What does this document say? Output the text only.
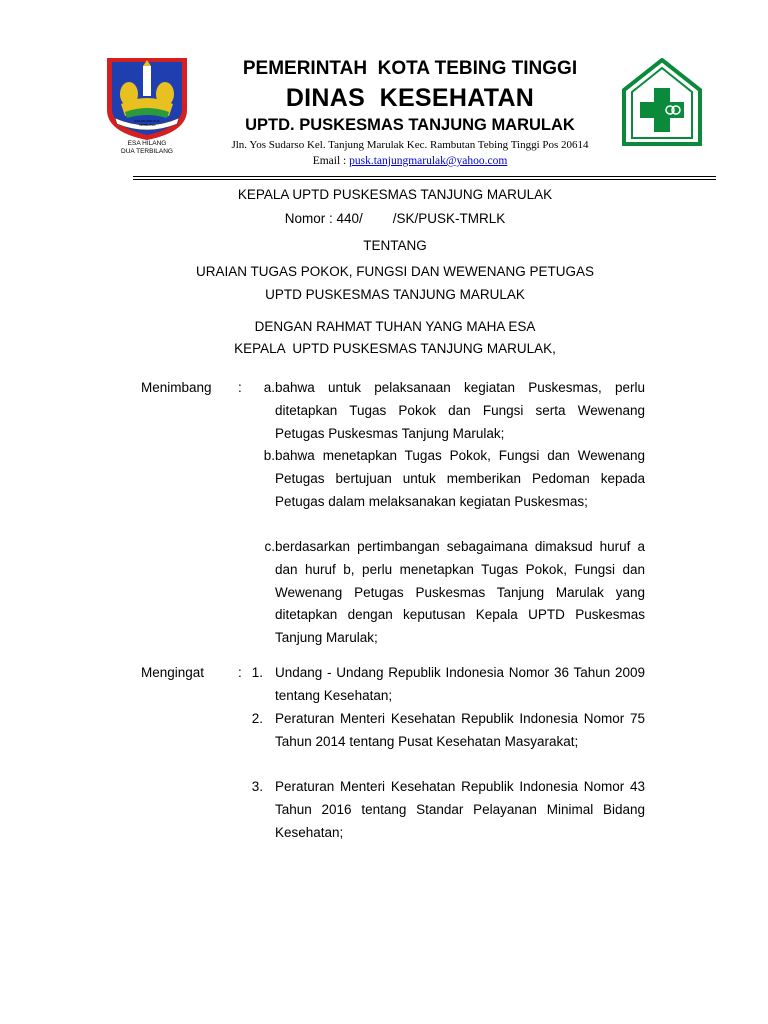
ESA HILANG DUA TERBILANG
ESA HILANG
DUA TERBILANG
PEMERINTAH  KOTA TEBING TINGGI
DINAS  KESEHATAN
UPTD. PUSKESMAS TANJUNG MARULAK
Jln. Yos Sudarso Kel. Tanjung Marulak Kec. Rambutan Tebing Tinggi Pos 20614
Email : pusk.tanjungmarulak@yahoo.com
KEPALA UPTD PUSKESMAS TANJUNG MARULAK
Nomor : 440/        /SK/PUSK-TMRLK
TENTANG
URAIAN TUGAS POKOK, FUNGSI DAN WEWENANG PETUGAS
UPTD PUSKESMAS TANJUNG MARULAK
DENGAN RAHMAT TUHAN YANG MAHA ESA
KEPALA  UPTD PUSKESMAS TANJUNG MARULAK,
Menimbang :	a. bahwa untuk pelaksanaan kegiatan Puskesmas, perlu ditetapkan Tugas Pokok dan Fungsi serta Wewenang Petugas Puskesmas Tanjung Marulak;
b. bahwa menetapkan Tugas Pokok, Fungsi dan Wewenang Petugas bertujuan untuk memberikan Pedoman kepada Petugas dalam melaksanakan kegiatan Puskesmas;
c. berdasarkan pertimbangan sebagaimana dimaksud huruf a dan huruf b, perlu menetapkan Tugas Pokok, Fungsi dan Wewenang Petugas Puskesmas Tanjung Marulak yang ditetapkan dengan keputusan Kepala UPTD Puskesmas Tanjung Marulak;
Mengingat	: 1. Undang - Undang Republik Indonesia Nomor 36 Tahun 2009 tentang Kesehatan;
2. Peraturan Menteri Kesehatan Republik Indonesia Nomor 75 Tahun 2014 tentang Pusat Kesehatan Masyarakat;
3. Peraturan Menteri Kesehatan Republik Indonesia Nomor 43 Tahun 2016 tentang Standar Pelayanan Minimal Bidang Kesehatan;
